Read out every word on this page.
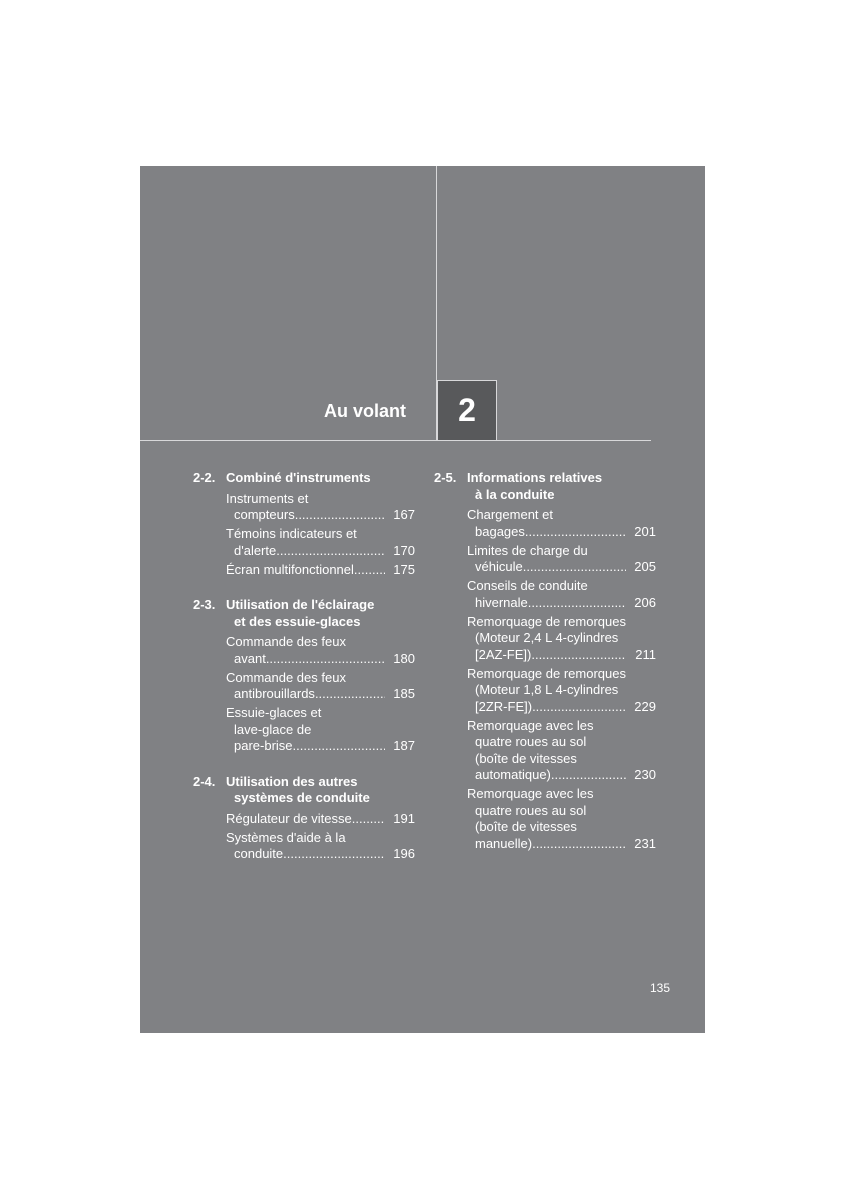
Au volant 2
2-2. Combiné d'instruments
Instruments et
compteurs .....	167
Témoins indicateurs et
d'alerte .....	170
Écran multifonctionnel .....	175
2-3. Utilisation de l'éclairage
et des essuie-glaces
Commande des feux
avant .....	180
Commande des feux
antibrouillards .....	185
Essuie-glaces et
lave-glace de
pare-brise .....	187
2-4. Utilisation des autres
systèmes de conduite
Régulateur de vitesse .....	191
Systèmes d'aide à la
conduite .....	196
2-5. Informations relatives
à la conduite
Chargement et
bagages .....	201
Limites de charge du
véhicule .....	205
Conseils de conduite
hivernale .....	206
Remorquage de remorques
(Moteur 2,4 L 4-cylindres
[2AZ-FE]) .....	211
Remorquage de remorques
(Moteur 1,8 L 4-cylindres
[2ZR-FE]) .....	229
Remorquage avec les
quatre roues au sol
(boîte de vitesses
automatique) .....	230
Remorquage avec les
quatre roues au sol
(boîte de vitesses
manuelle) .....	231
135
